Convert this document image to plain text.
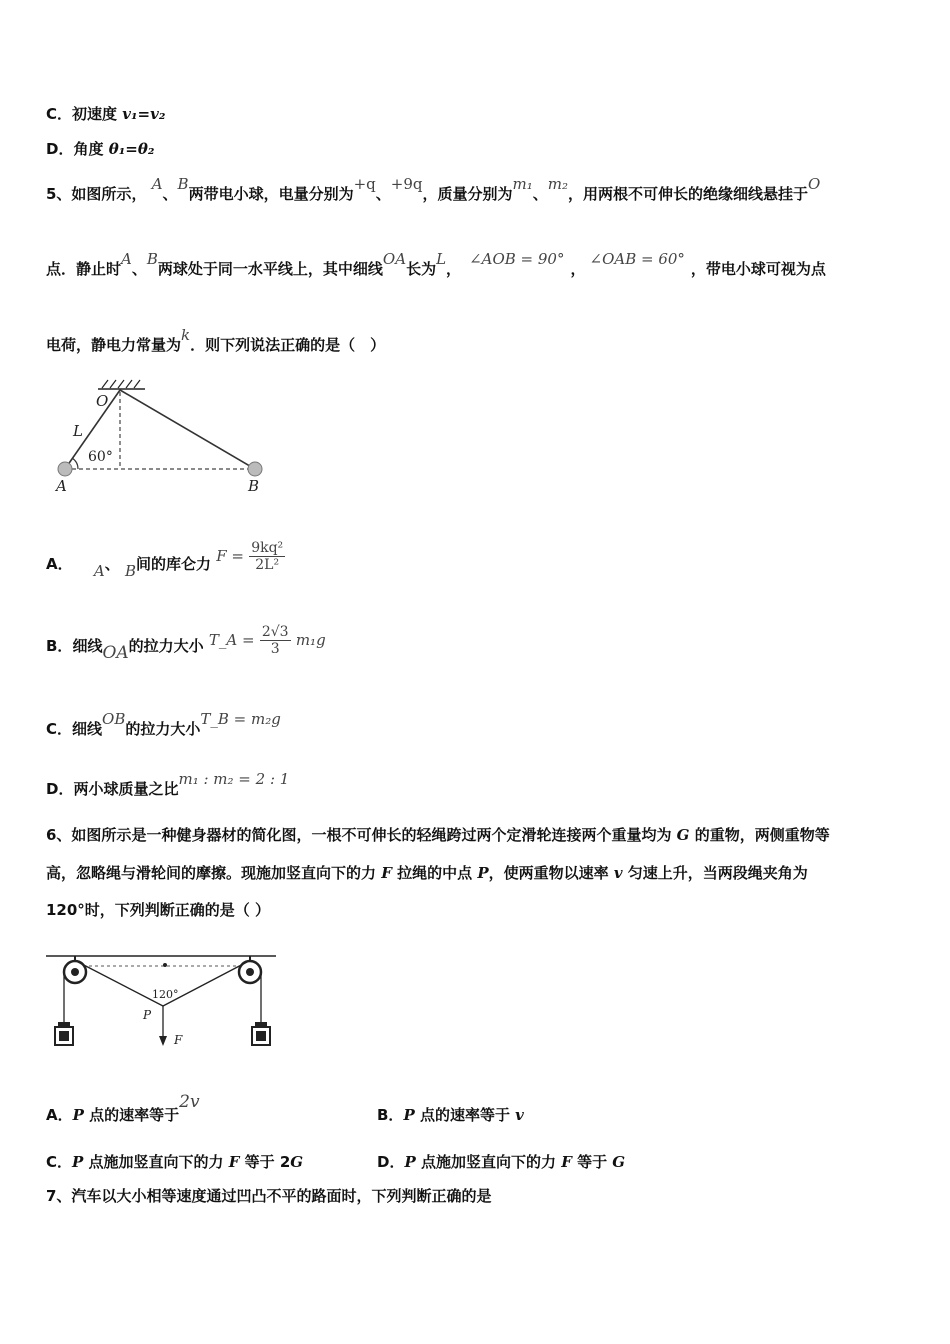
C．初速度 v₁=v₂
D．角度 θ₁=θ₂
5、如图所示， A、B两带电小球，电量分别为+q、+9q，质量分别为m₁、m₂，用两根不可伸长的绝缘细线悬挂于O
点．静止时A、B两球处于同一水平线上，其中细线OA长为L，∠AOB = 90°，∠OAB = 60°，带电小球可视为点
电荷，静电力常量为k．则下列说法正确的是（　）
O
L
60°
A	B
A． A、 B间的库仑力 $F = \frac{\text{9kq²}}{\text{2L²}}$
B．细线OA的拉力大小 T_A = $\frac{2√3}{3} m_1g$
C．细线OB的拉力大小T_B = m₂g
D．两小球质量之比m₁ : m₂ = 2 : 1
6、如图所示是一种健身器材的简化图，一根不可伸长的轻绳跨过两个定滑轮连接两个重量均为 G 的重物，两侧重物等
高，忽略绳与滑轮间的摩擦。现施加竖直向下的力 F 拉绳的中点 P，使两重物以速率 v 匀速上升，当两段绳夹角为
120°时，下列判断正确的是（ ）
120°
P
F
A．P 点的速率等于2v
B．P 点的速率等于 v
C．P 点施加竖直向下的力 F 等于 2G	D．P 点施加竖直向下的力 F 等于 G
7、汽车以大小相等速度通过凹凸不平的路面时，下列判断正确的是
